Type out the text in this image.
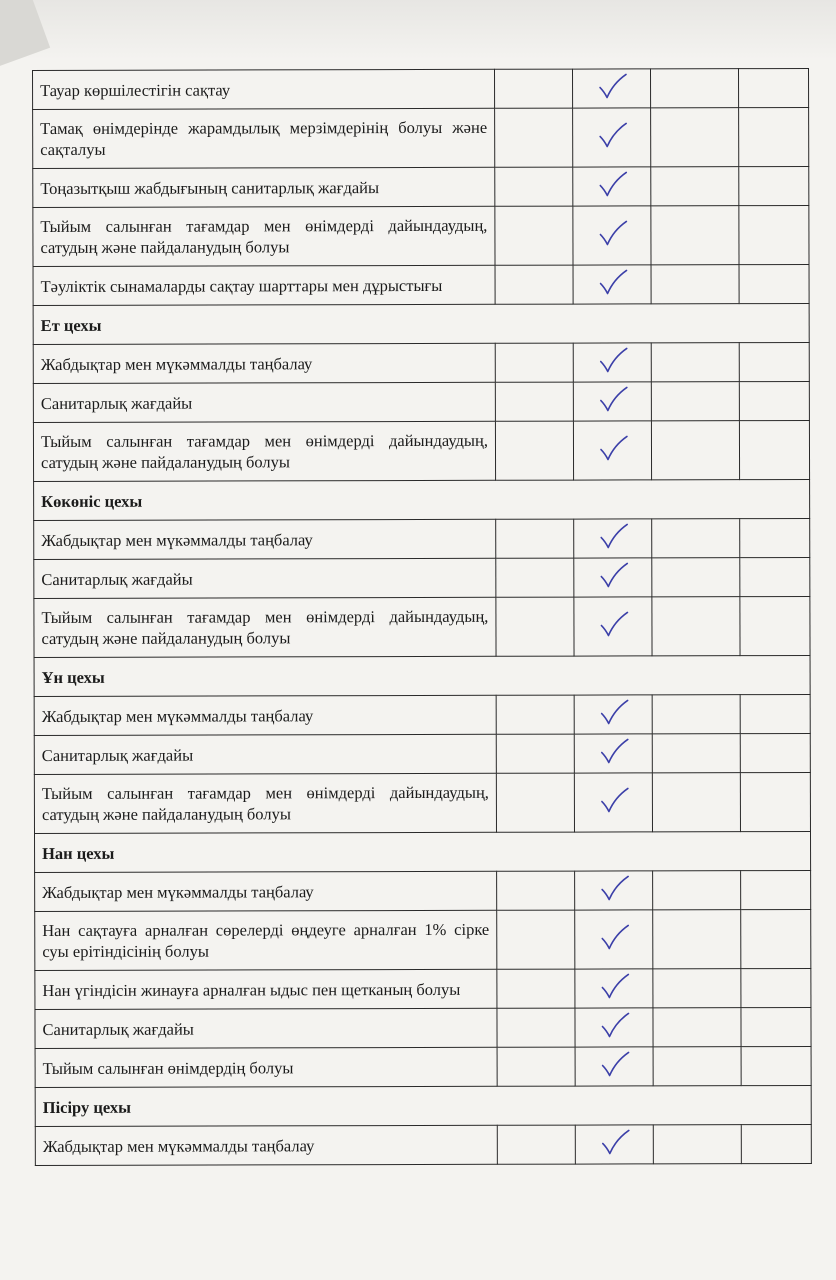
Тауар көршілестігін сақтау				
Тамақ өнімдерінде жарамдылық мерзімдерінің болуы және сақталуы				
Тоңазытқыш жабдығының санитарлық жағдайы				
Тыйым салынған тағамдар мен өнімдерді дайындаудың, сатудың және пайдаланудың болуы				
Тәуліктік сынамаларды сақтау шарттары мен дұрыстығы				
Ет цехы				
Жабдықтар мен мүкәммалды таңбалау				
Санитарлық жағдайы				
Тыйым салынған тағамдар мен өнімдерді дайындаудың, сатудың және пайдаланудың болуы				
Көкөніс цехы				
Жабдықтар мен мүкәммалды таңбалау				
Санитарлық жағдайы				
Тыйым салынған тағамдар мен өнімдерді дайындаудың, сатудың және пайдаланудың болуы				
Ұн цехы				
Жабдықтар мен мүкәммалды таңбалау				
Санитарлық жағдайы				
Тыйым салынған тағамдар мен өнімдерді дайындаудың, сатудың және пайдаланудың болуы				
Нан цехы				
Жабдықтар мен мүкәммалды таңбалау				
Нан сақтауға арналған сөрелерді өңдеуге арналған 1% сірке суы ерітіндісінің болуы				
Нан үгіндісін жинауға арналған ыдыс пен щетканың болуы				
Санитарлық жағдайы				
Тыйым салынған өнімдердің болуы				
Пісіру цехы				
Жабдықтар мен мүкәммалды таңбалау				
